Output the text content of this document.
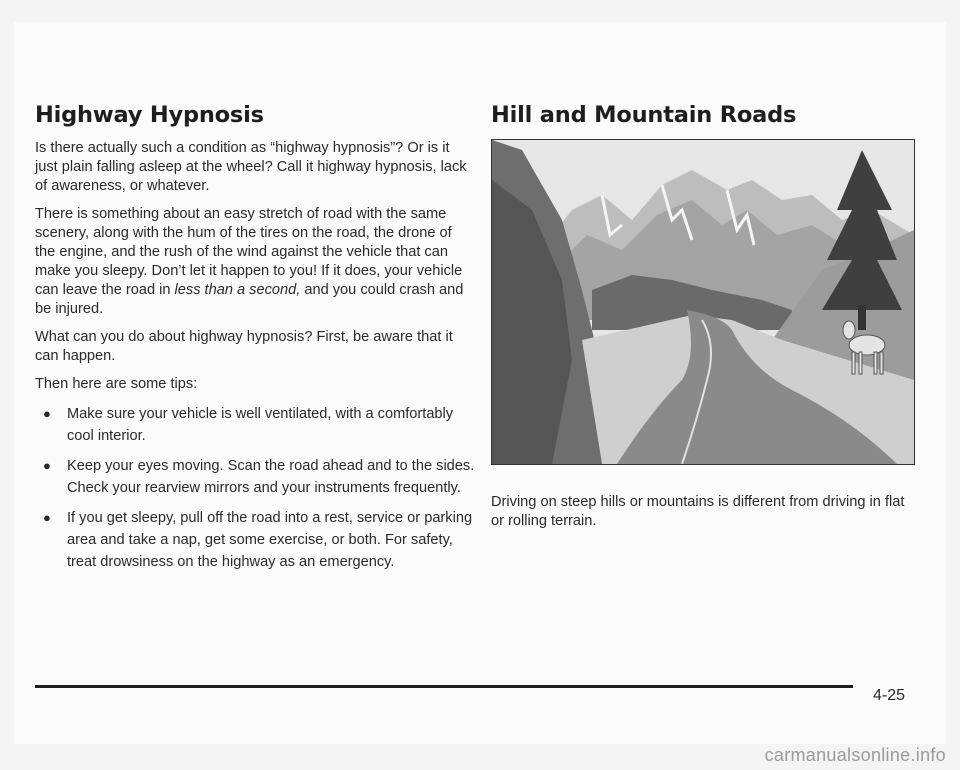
Highway Hypnosis

Is there actually such a condition as “highway hypnosis”? Or is it just plain falling asleep at the wheel? Call it highway hypnosis, lack of awareness, or whatever.

There is something about an easy stretch of road with the same scenery, along with the hum of the tires on the road, the drone of the engine, and the rush of the wind against the vehicle that can make you sleepy. Don’t let it happen to you! If it does, your vehicle can leave the road in less than a second, and you could crash and be injured.

What can you do about highway hypnosis? First, be aware that it can happen.

Then here are some tips:

● Make sure your vehicle is well ventilated, with a comfortably cool interior.
● Keep your eyes moving. Scan the road ahead and to the sides. Check your rearview mirrors and your instruments frequently.
● If you get sleepy, pull off the road into a rest, service or parking area and take a nap, get some exercise, or both. For safety, treat drowsiness on the highway as an emergency.
Hill and Mountain Roads

Driving on steep hills or mountains is different from driving in flat or rolling terrain.

4-25
carmanualsonline.info
